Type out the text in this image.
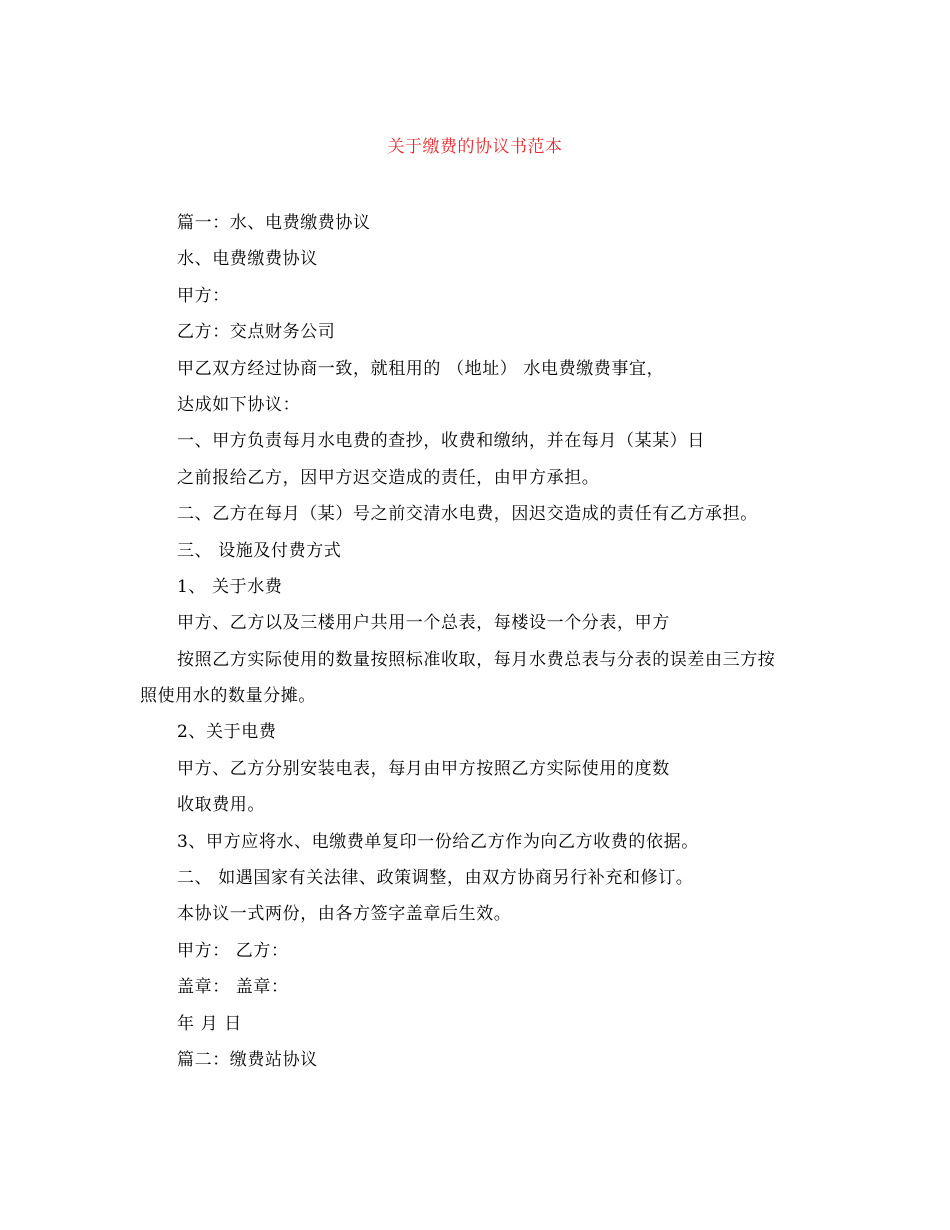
关于缴费的协议书范本
篇一：水、电费缴费协议
水、电费缴费协议
甲方：
乙方：交点财务公司
甲乙双方经过协商一致，就租用的 （地址） 水电费缴费事宜，
达成如下协议：
一、甲方负责每月水电费的查抄，收费和缴纳，并在每月（某某）日
之前报给乙方，因甲方迟交造成的责任，由甲方承担。
二、乙方在每月（某）号之前交清水电费，因迟交造成的责任有乙方承担。
三、 设施及付费方式
1、 关于水费
甲方、乙方以及三楼用户共用一个总表，每楼设一个分表，甲方
按照乙方实际使用的数量按照标准收取，每月水费总表与分表的误差由三方按
照使用水的数量分摊。
2、关于电费
甲方、乙方分别安装电表，每月由甲方按照乙方实际使用的度数
收取费用。
3、甲方应将水、电缴费单复印一份给乙方作为向乙方收费的依据。
二、 如遇国家有关法律、政策调整，由双方协商另行补充和修订。
本协议一式两份，由各方签字盖章后生效。
甲方： 乙方：
盖章： 盖章：
年 月 日
篇二：缴费站协议
